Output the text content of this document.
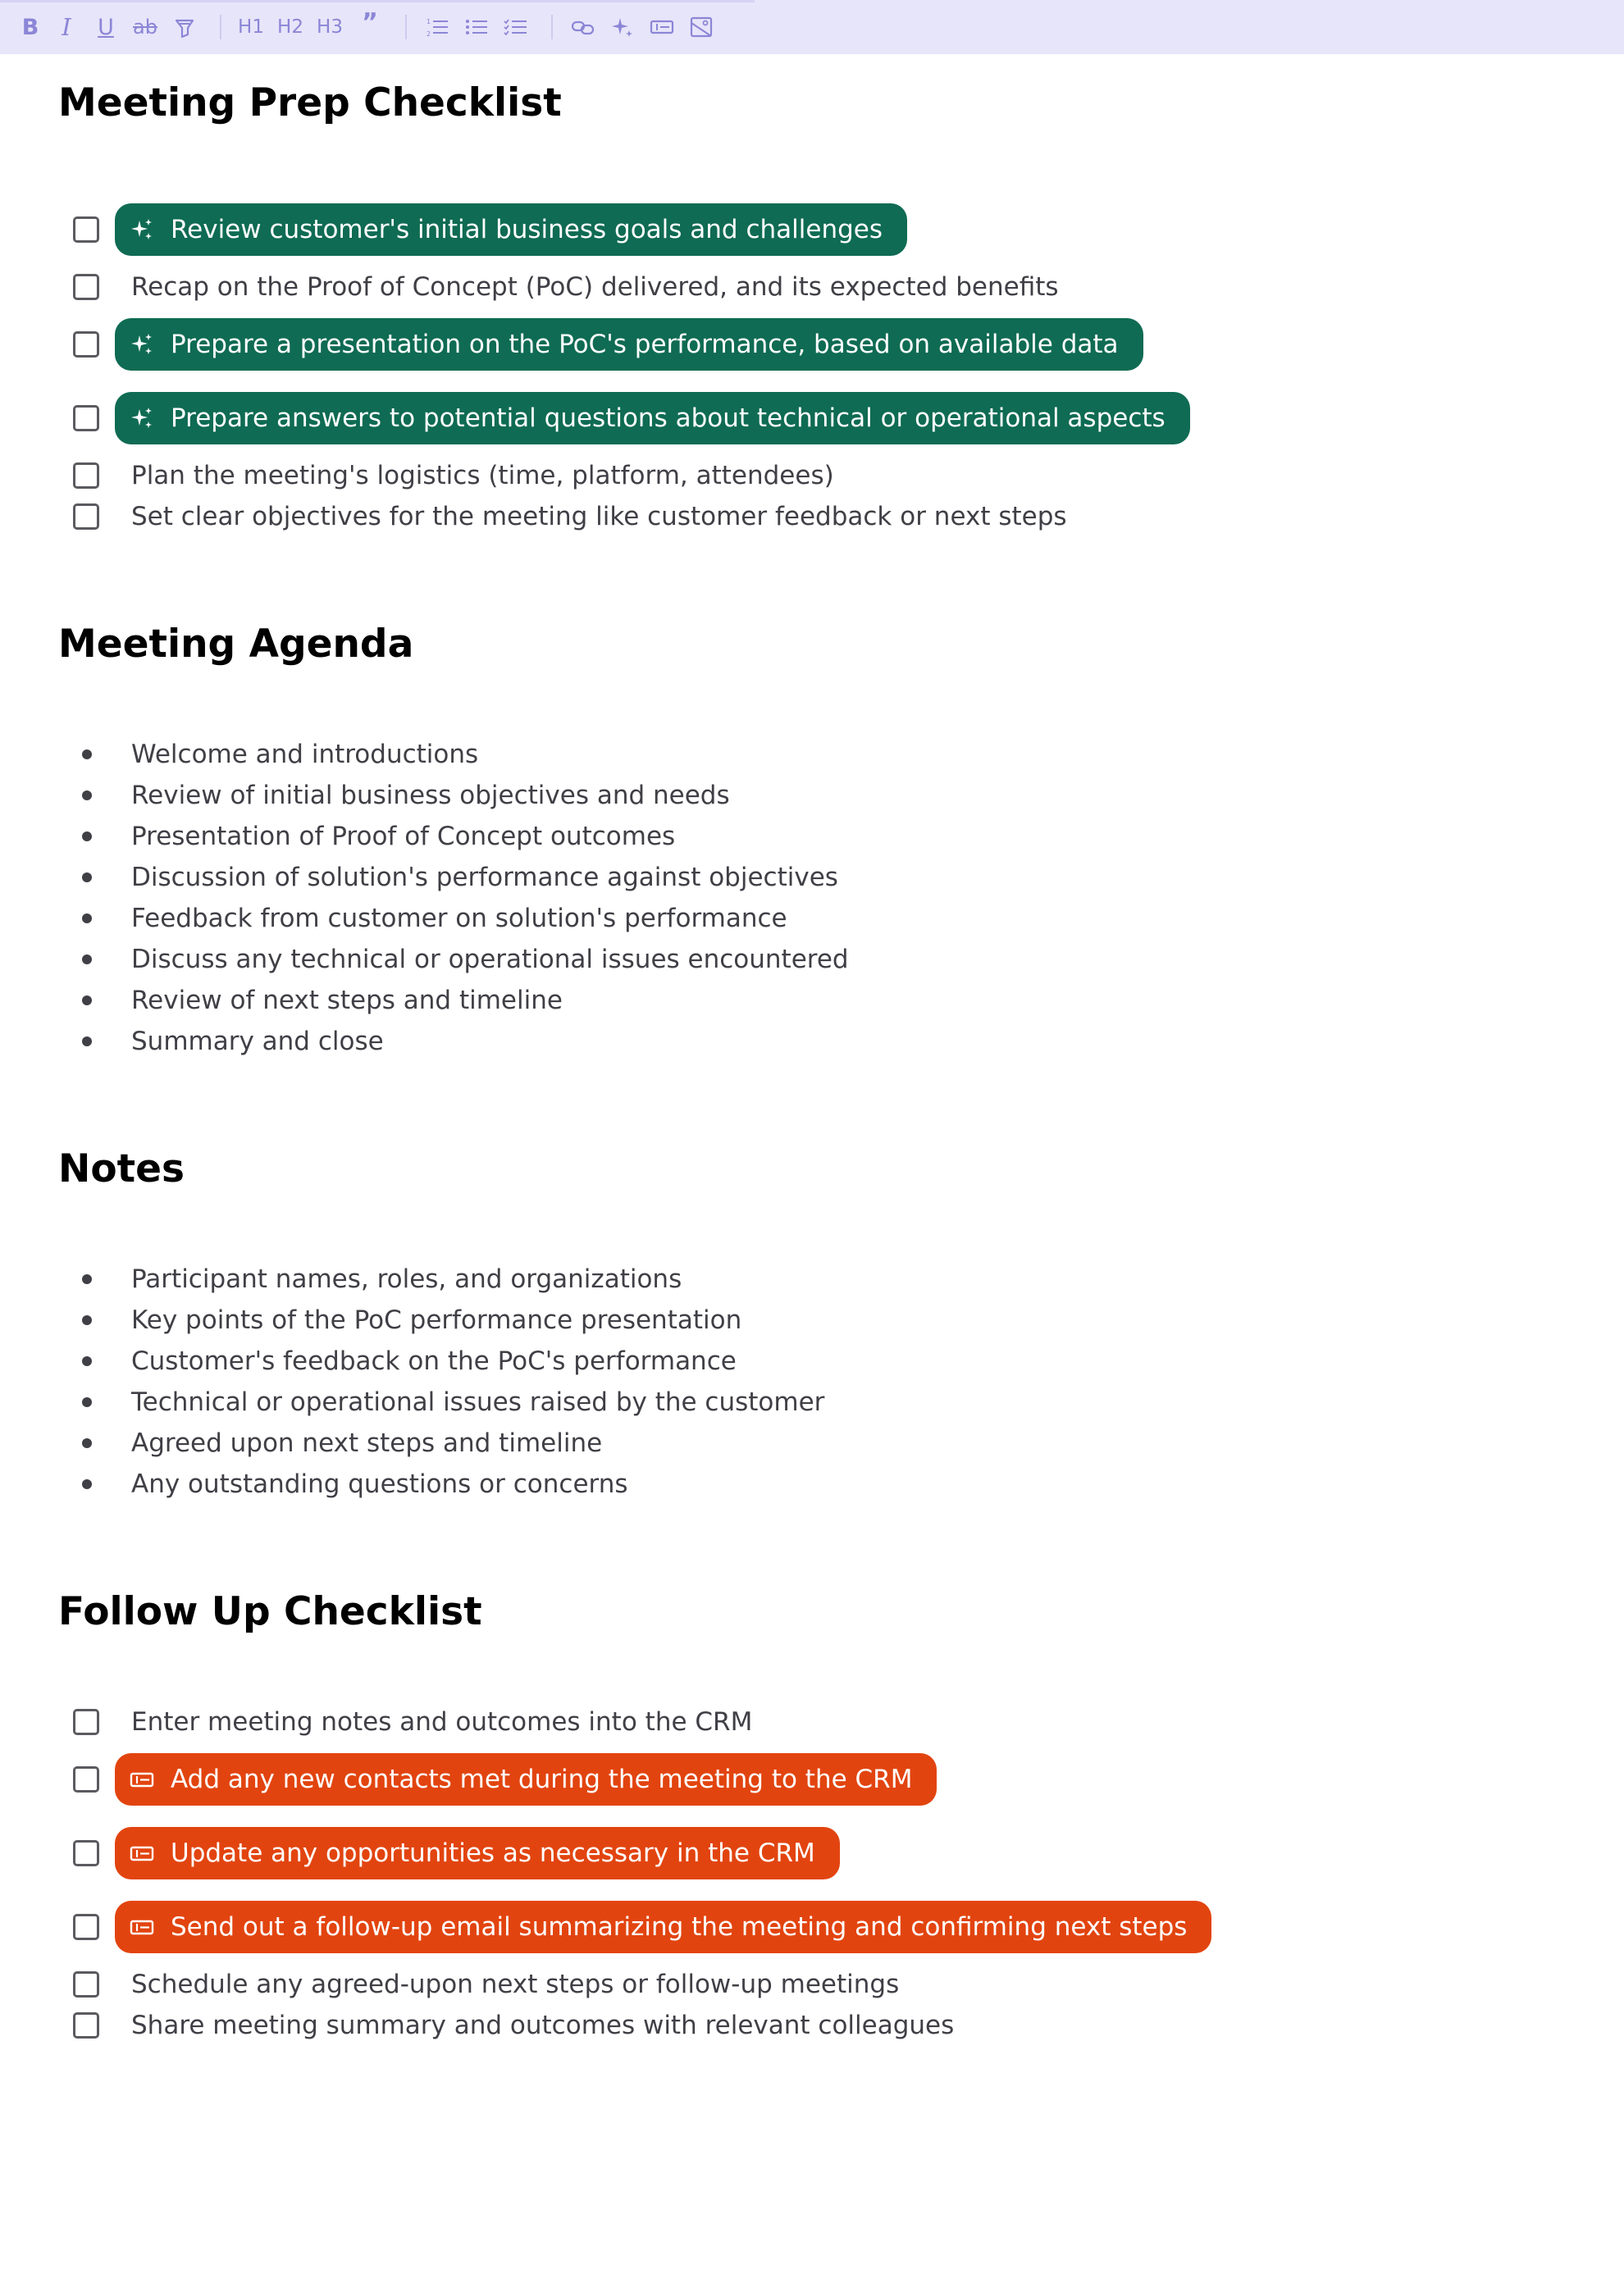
B I U ab	H1 H2 H3 ”	1
2
Meeting Prep Checklist
Review customer's initial business goals and challenges
Recap on the Proof of Concept (PoC) delivered, and its expected benefits
Prepare a presentation on the PoC's performance, based on available data
Prepare answers to potential questions about technical or operational aspects
Plan the meeting's logistics (time, platform, attendees)
Set clear objectives for the meeting like customer feedback or next steps
Meeting Agenda
Welcome and introductions
Review of initial business objectives and needs
Presentation of Proof of Concept outcomes
Discussion of solution's performance against objectives
Feedback from customer on solution's performance
Discuss any technical or operational issues encountered
Review of next steps and timeline
Summary and close
Notes
Participant names, roles, and organizations
Key points of the PoC performance presentation
Customer's feedback on the PoC's performance
Technical or operational issues raised by the customer
Agreed upon next steps and timeline
Any outstanding questions or concerns
Follow Up Checklist
Enter meeting notes and outcomes into the CRM
Add any new contacts met during the meeting to the CRM
Update any opportunities as necessary in the CRM
Send out a follow-up email summarizing the meeting and confirming next steps
Schedule any agreed-upon next steps or follow-up meetings
Share meeting summary and outcomes with relevant colleagues
